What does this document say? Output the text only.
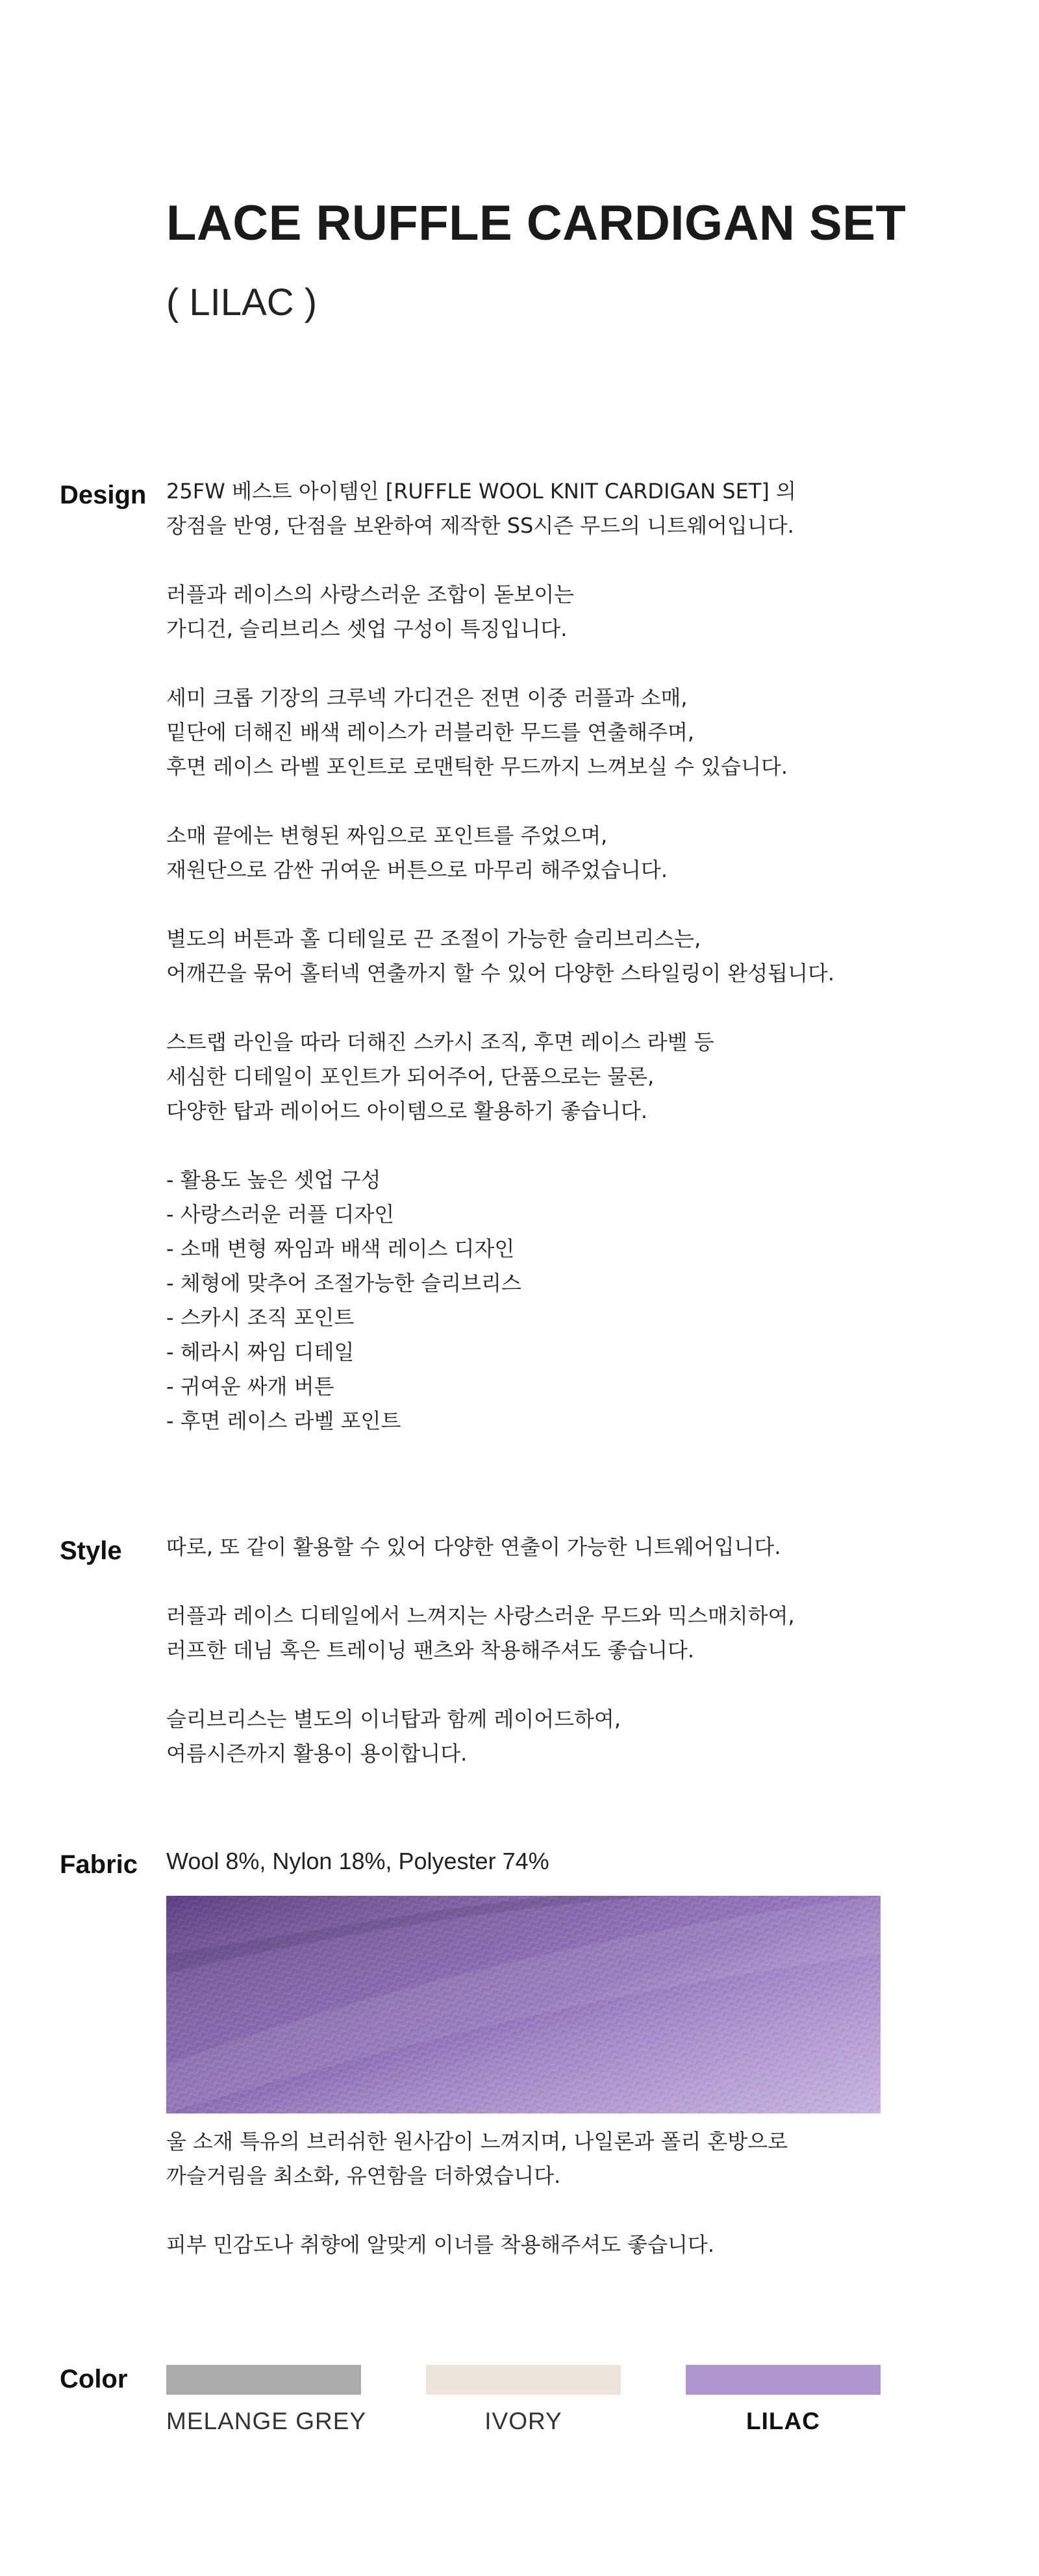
LACE RUFFLE CARDIGAN SET
( LILAC )
Design 25FW 베스트 아이템인 [RUFFLE WOOL KNIT CARDIGAN SET] 의
장점을 반영, 단점을 보완하여 제작한 SS시즌 무드의 니트웨어입니다.

러플과 레이스의 사랑스러운 조합이 돋보이는
가디건, 슬리브리스 셋업 구성이 특징입니다.

세미 크롭 기장의 크루넥 가디건은 전면 이중 러플과 소매,
밑단에 더해진 배색 레이스가 러블리한 무드를 연출해주며,
후면 레이스 라벨 포인트로 로맨틱한 무드까지 느껴보실 수 있습니다.

소매 끝에는 변형된 짜임으로 포인트를 주었으며,
재원단으로 감싼 귀여운 버튼으로 마무리 해주었습니다.

별도의 버튼과 홀 디테일로 끈 조절이 가능한 슬리브리스는,
어깨끈을 묶어 홀터넥 연출까지 할 수 있어 다양한 스타일링이 완성됩니다.

스트랩 라인을 따라 더해진 스카시 조직, 후면 레이스 라벨 등
세심한 디테일이 포인트가 되어주어, 단품으로는 물론,
다양한 탑과 레이어드 아이템으로 활용하기 좋습니다.

- 활용도 높은 셋업 구성
- 사랑스러운 러플 디자인
- 소매 변형 짜임과 배색 레이스 디자인
- 체형에 맞추어 조절가능한 슬리브리스
- 스카시 조직 포인트
- 헤라시 짜임 디테일
- 귀여운 싸개 버튼
- 후면 레이스 라벨 포인트
Style 따로, 또 같이 활용할 수 있어 다양한 연출이 가능한 니트웨어입니다.

러플과 레이스 디테일에서 느껴지는 사랑스러운 무드와 믹스매치하여,
러프한 데님 혹은 트레이닝 팬츠와 착용해주셔도 좋습니다.

슬리브리스는 별도의 이너탑과 함께 레이어드하여,
여름시즌까지 활용이 용이합니다.

Fabric Wool 8%, Nylon 18%, Polyester 74%

울 소재 특유의 브러쉬한 원사감이 느껴지며, 나일론과 폴리 혼방으로
까슬거림을 최소화, 유연함을 더하였습니다.

피부 민감도나 취향에 알맞게 이너를 착용해주셔도 좋습니다.

Color
MELANGE GREY	IVORY	LILAC
